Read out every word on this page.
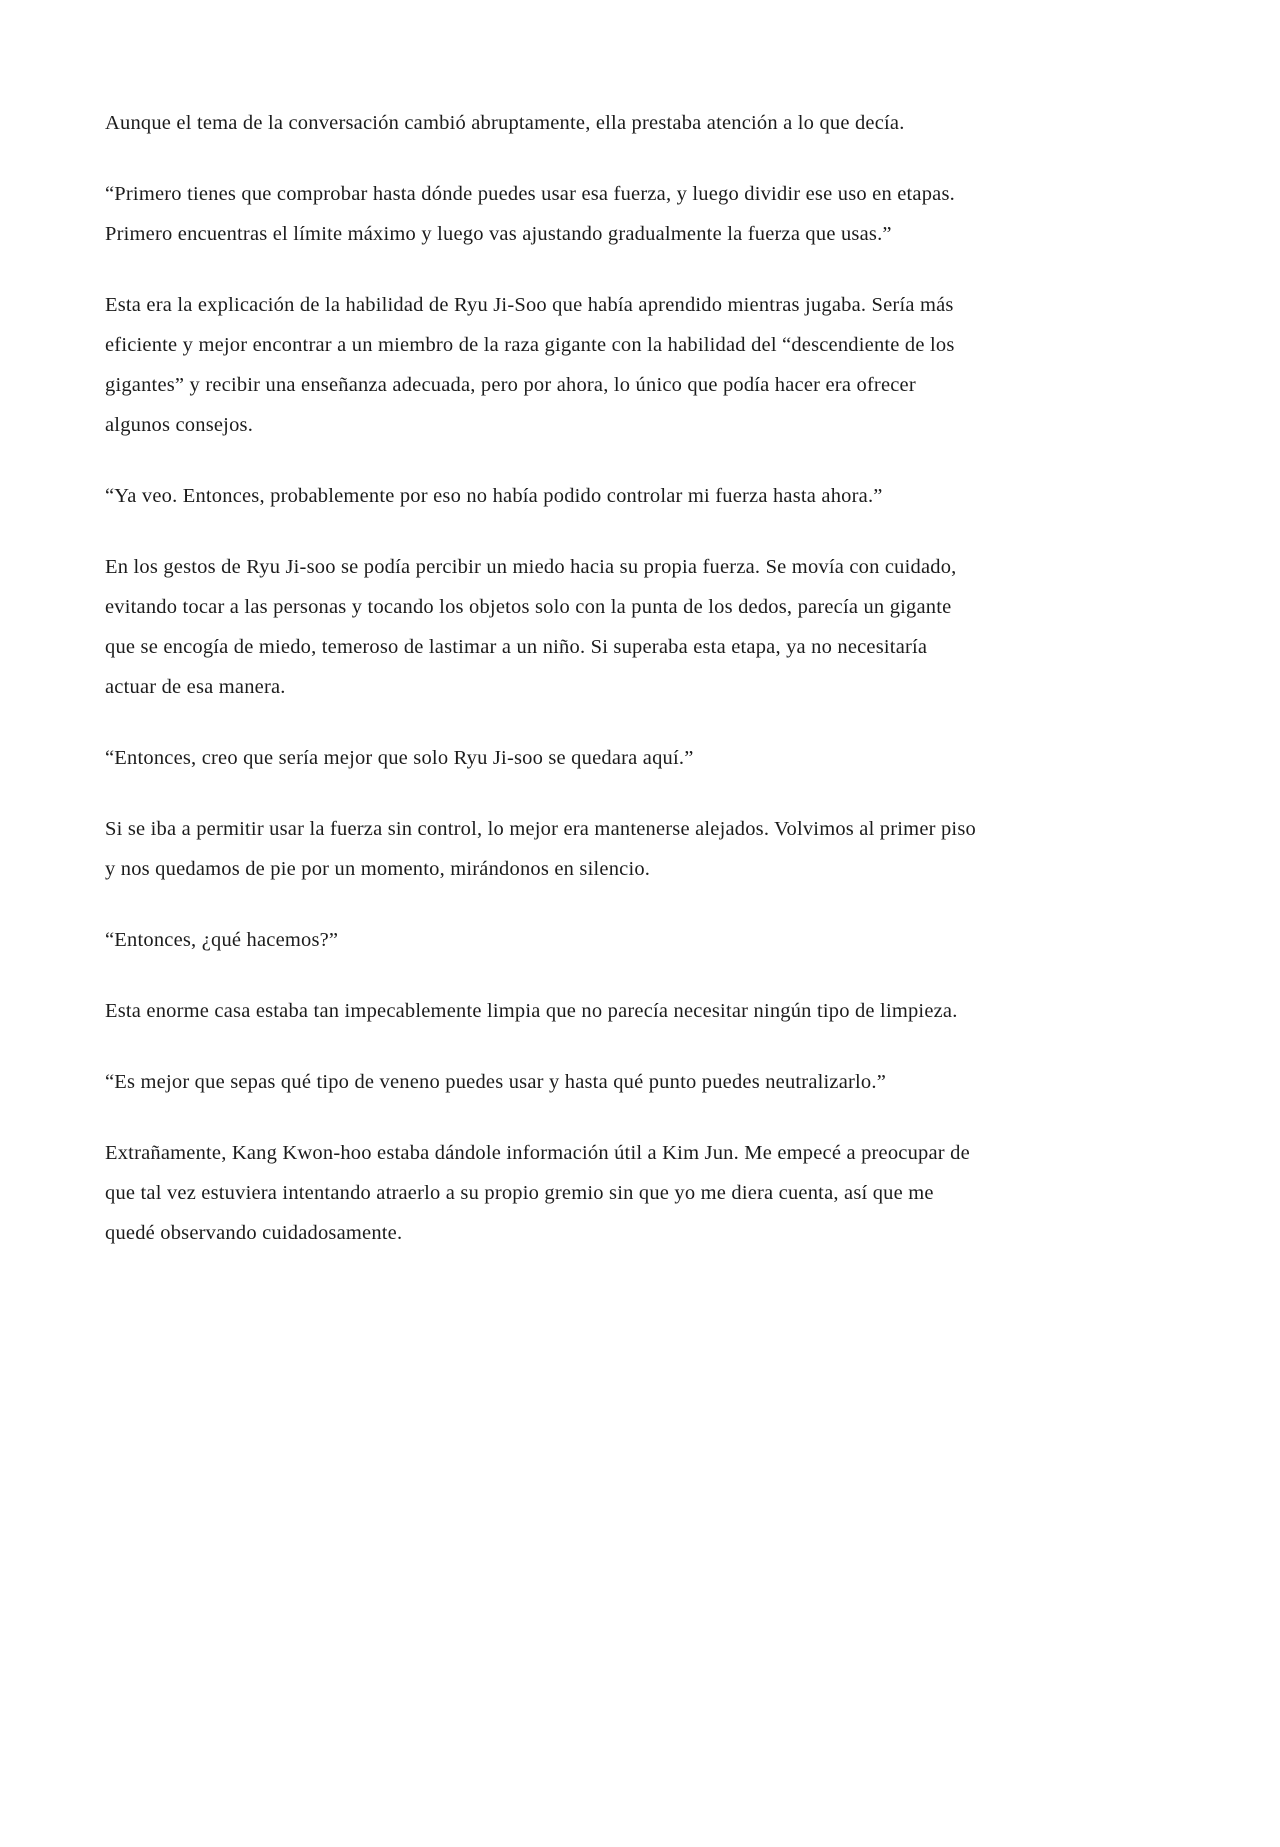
Aunque el tema de la conversación cambió abruptamente, ella prestaba atención a lo que decía.

“Primero tienes que comprobar hasta dónde puedes usar esa fuerza, y luego dividir ese uso en etapas. Primero encuentras el límite máximo y luego vas ajustando gradualmente la fuerza que usas.”

Esta era la explicación de la habilidad de Ryu Ji-Soo que había aprendido mientras jugaba. Sería más eficiente y mejor encontrar a un miembro de la raza gigante con la habilidad del “descendiente de los gigantes” y recibir una enseñanza adecuada, pero por ahora, lo único que podía hacer era ofrecer algunos consejos.

“Ya veo. Entonces, probablemente por eso no había podido controlar mi fuerza hasta ahora.”

En los gestos de Ryu Ji-soo se podía percibir un miedo hacia su propia fuerza. Se movía con cuidado, evitando tocar a las personas y tocando los objetos solo con la punta de los dedos, parecía un gigante que se encogía de miedo, temeroso de lastimar a un niño. Si superaba esta etapa, ya no necesitaría actuar de esa manera.

“Entonces, creo que sería mejor que solo Ryu Ji-soo se quedara aquí.”

Si se iba a permitir usar la fuerza sin control, lo mejor era mantenerse alejados. Volvimos al primer piso y nos quedamos de pie por un momento, mirándonos en silencio.

“Entonces, ¿qué hacemos?”

Esta enorme casa estaba tan impecablemente limpia que no parecía necesitar ningún tipo de limpieza.

“Es mejor que sepas qué tipo de veneno puedes usar y hasta qué punto puedes neutralizarlo.”

Extrañamente, Kang Kwon-hoo estaba dándole información útil a Kim Jun. Me empecé a preocupar de que tal vez estuviera intentando atraerlo a su propio gremio sin que yo me diera cuenta, así que me quedé observando cuidadosamente.
